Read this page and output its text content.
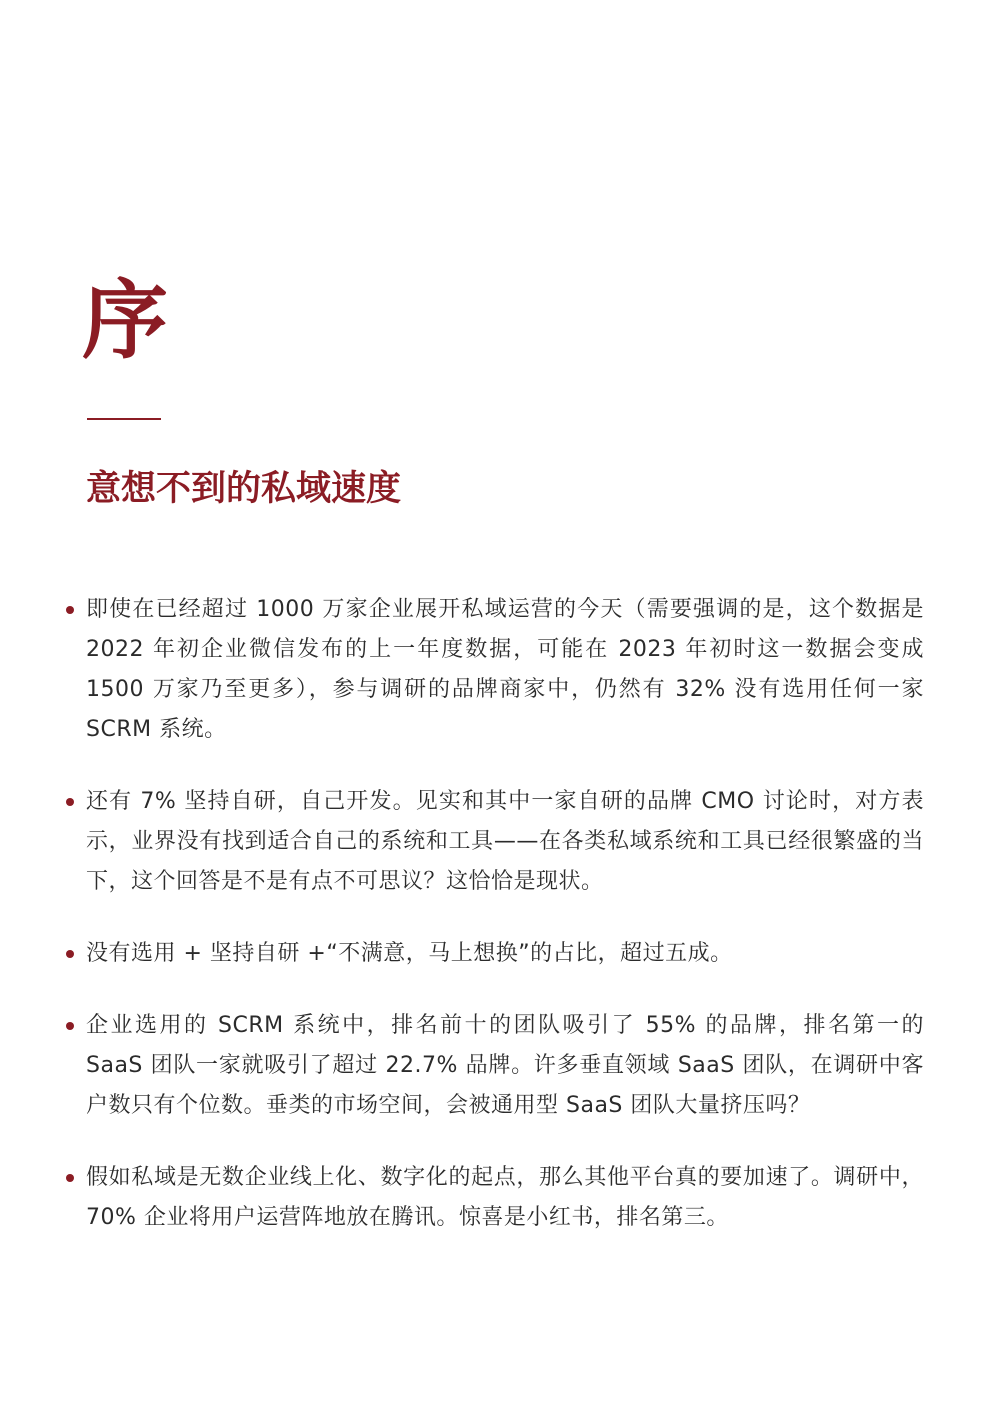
序
意想不到的私域速度
即使在已经超过 1000 万家企业展开私域运营的今天（需要强调的是，这个数据是 2022 年初企业微信发布的上一年度数据，可能在 2023 年初时这一数据会变成 1500 万家乃至更多），参与调研的品牌商家中，仍然有 32% 没有选用任何一家 SCRM 系统。
还有 7% 坚持自研，自己开发。见实和其中一家自研的品牌 CMO 讨论时，对方表示，业界没有找到适合自己的系统和工具——在各类私域系统和工具已经很繁盛的当下，这个回答是不是有点不可思议？这恰恰是现状。
没有选用 + 坚持自研 +“不满意，马上想换”的占比，超过五成。
企业选用的 SCRM 系统中，排名前十的团队吸引了 55% 的品牌，排名第一的 SaaS 团队一家就吸引了超过 22.7% 品牌。许多垂直领域 SaaS 团队，在调研中客户数只有个位数。垂类的市场空间，会被通用型 SaaS 团队大量挤压吗？
假如私域是无数企业线上化、数字化的起点，那么其他平台真的要加速了。调研中，70% 企业将用户运营阵地放在腾讯。惊喜是小红书，排名第三。
